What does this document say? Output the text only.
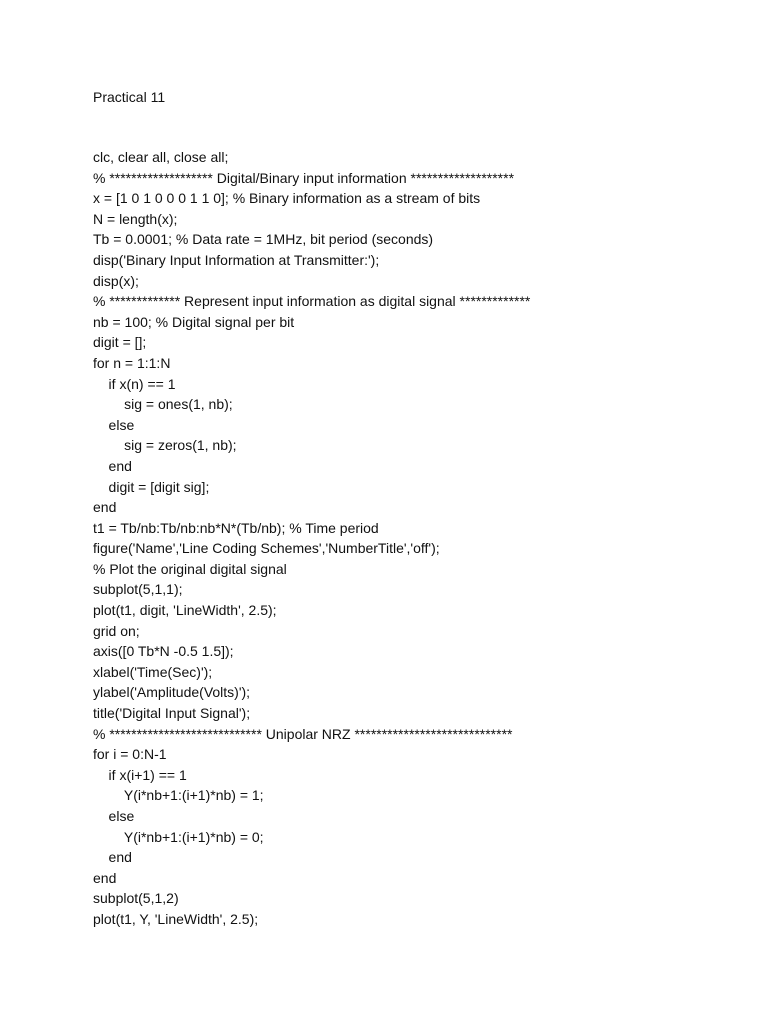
Practical 11
clc, clear all, close all;
% ******************* Digital/Binary input information *******************
x = [1 0 1 0 0 0 1 1 0]; % Binary information as a stream of bits
N = length(x);
Tb = 0.0001; % Data rate = 1MHz, bit period (seconds)
disp('Binary Input Information at Transmitter:');
disp(x);
% ************* Represent input information as digital signal *************
nb = 100; % Digital signal per bit
digit = [];
for n = 1:1:N
if x(n) == 1
sig = ones(1, nb);
else
sig = zeros(1, nb);
end
digit = [digit sig];
end
t1 = Tb/nb:Tb/nb:nb*N*(Tb/nb); % Time period
figure('Name','Line Coding Schemes','NumberTitle','off');
% Plot the original digital signal
subplot(5,1,1);
plot(t1, digit, 'LineWidth', 2.5);
grid on;
axis([0 Tb*N -0.5 1.5]);
xlabel('Time(Sec)');
ylabel('Amplitude(Volts)');
title('Digital Input Signal');
% **************************** Unipolar NRZ *****************************
for i = 0:N-1
if x(i+1) == 1
Y(i*nb+1:(i+1)*nb) = 1;
else
Y(i*nb+1:(i+1)*nb) = 0;
end
end
subplot(5,1,2)
plot(t1, Y, 'LineWidth', 2.5);
